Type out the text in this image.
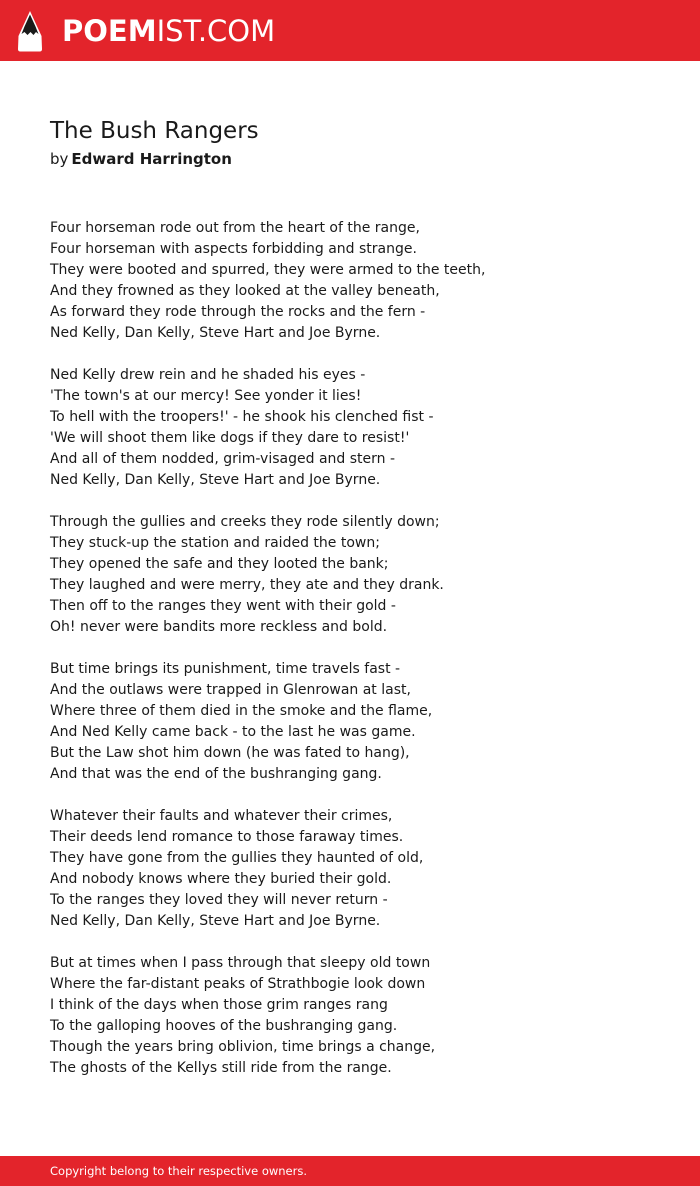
POEMIST.COM
The Bush Rangers
by Edward Harrington
Four horseman rode out from the heart of the range,
Four horseman with aspects forbidding and strange.
They were booted and spurred, they were armed to the teeth,
And they frowned as they looked at the valley beneath,
As forward they rode through the rocks and the fern -
Ned Kelly, Dan Kelly, Steve Hart and Joe Byrne.
Ned Kelly drew rein and he shaded his eyes -
'The town's at our mercy! See yonder it lies!
To hell with the troopers!' - he shook his clenched fist -
'We will shoot them like dogs if they dare to resist!'
And all of them nodded, grim-visaged and stern -
Ned Kelly, Dan Kelly, Steve Hart and Joe Byrne.
Through the gullies and creeks they rode silently down;
They stuck-up the station and raided the town;
They opened the safe and they looted the bank;
They laughed and were merry, they ate and they drank.
Then off to the ranges they went with their gold -
Oh! never were bandits more reckless and bold.
But time brings its punishment, time travels fast -
And the outlaws were trapped in Glenrowan at last,
Where three of them died in the smoke and the flame,
And Ned Kelly came back - to the last he was game.
But the Law shot him down (he was fated to hang),
And that was the end of the bushranging gang.
Whatever their faults and whatever their crimes,
Their deeds lend romance to those faraway times.
They have gone from the gullies they haunted of old,
And nobody knows where they buried their gold.
To the ranges they loved they will never return -
Ned Kelly, Dan Kelly, Steve Hart and Joe Byrne.
But at times when I pass through that sleepy old town
Where the far-distant peaks of Strathbogie look down
I think of the days when those grim ranges rang
To the galloping hooves of the bushranging gang.
Though the years bring oblivion, time brings a change,
The ghosts of the Kellys still ride from the range.
Copyright belong to their respective owners.
